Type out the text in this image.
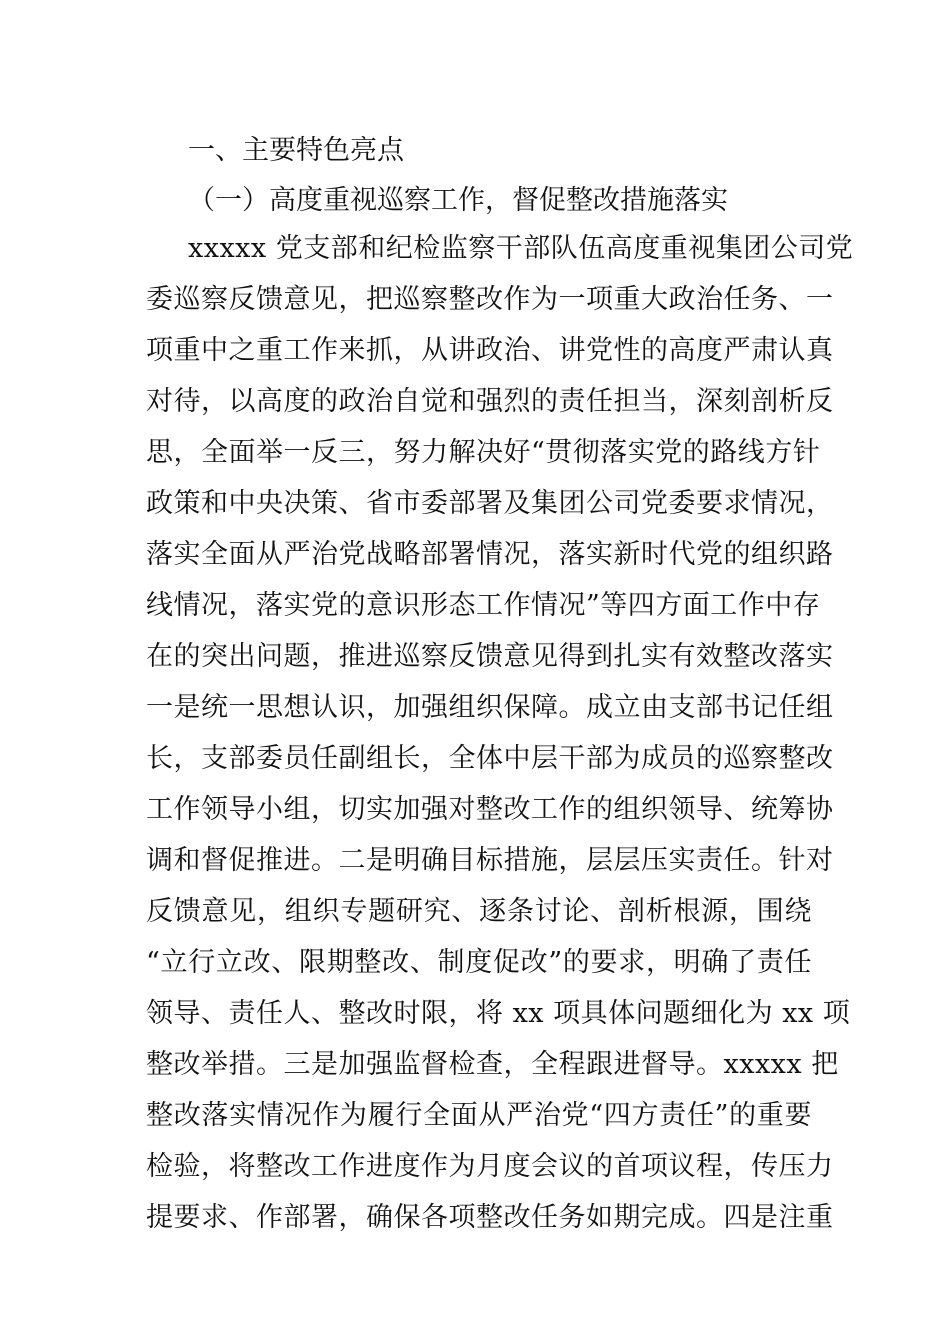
一、主要特色亮点
（一）高度重视巡察工作，督促整改措施落实
xxxxx 党支部和纪检监察干部队伍高度重视集团公司党
委巡察反馈意见，把巡察整改作为一项重大政治任务、一
项重中之重工作来抓，从讲政治、讲党性的高度严肃认真
对待，以高度的政治自觉和强烈的责任担当，深刻剖析反
思，全面举一反三，努力解决好“贯彻落实党的路线方针
政策和中央决策、省市委部署及集团公司党委要求情况，
落实全面从严治党战略部署情况，落实新时代党的组织路
线情况，落实党的意识形态工作情况”等四方面工作中存
在的突出问题，推进巡察反馈意见得到扎实有效整改落实
一是统一思想认识，加强组织保障。成立由支部书记任组
长，支部委员任副组长，全体中层干部为成员的巡察整改
工作领导小组，切实加强对整改工作的组织领导、统筹协
调和督促推进。二是明确目标措施，层层压实责任。针对
反馈意见，组织专题研究、逐条讨论、剖析根源，围绕
“立行立改、限期整改、制度促改”的要求，明确了责任
领导、责任人、整改时限，将 xx 项具体问题细化为 xx 项
整改举措。三是加强监督检查，全程跟进督导。xxxxx 把
整改落实情况作为履行全面从严治党“四方责任”的重要
检验，将整改工作进度作为月度会议的首项议程，传压力
提要求、作部署，确保各项整改任务如期完成。四是注重
